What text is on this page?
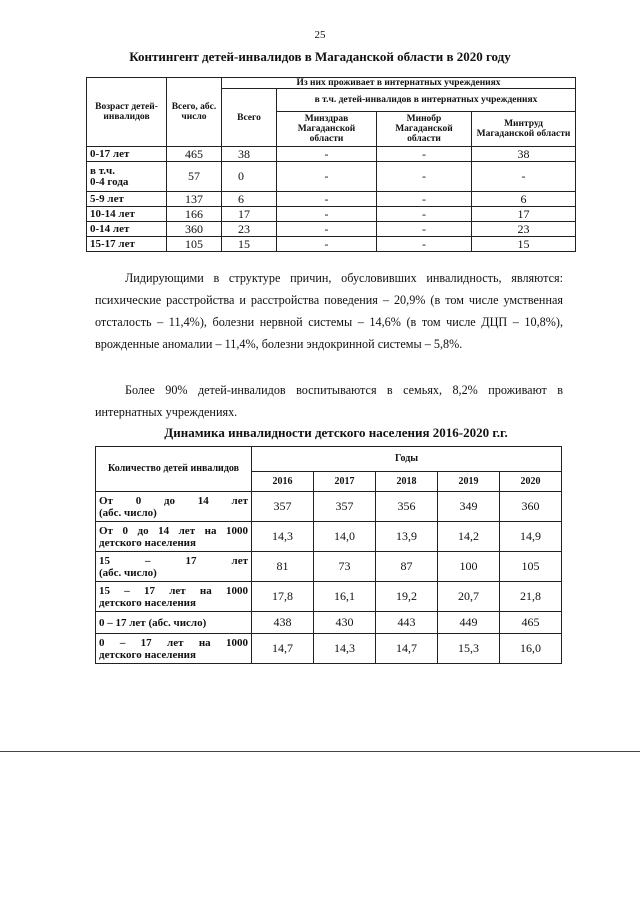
25
Контингент детей-инвалидов в Магаданской области в 2020 году
Возраст детей-инвалидов	Всего, абс. число	Из них проживает в интернатных учреждениях			
		Всего	в т.ч. детей-инвалидов в интернатных учреждениях		
			Минздрав Магаданской области	Минобр Магаданской области	Минтруд Магаданской области
0-17 лет	465	38	-	-	38

в т.ч.
0-4 года	57	0	-	-	-
5-9 лет	137	6	-	-	6
10-14 лет	166	17	-	-	17
0-14 лет	360	23	-	-	23
15-17 лет	105	15	-	-	15

Лидирующими в структуре причин, обусловивших инвалидность, являются: психические расстройства и расстройства поведения – 20,9% (в том числе умственная отсталость – 11,4%), болезни нервной системы – 14,6% (в том числе ДЦП – 10,8%), врожденные аномалии – 11,4%, болезни эндокринной системы – 5,8%.

Более 90% детей-инвалидов воспитываются в семьях, 8,2% проживают в интернатных учреждениях.

Динамика инвалидности детского населения 2016-2020 г.г.
Количество детей инвалидов	Годы				
	2016	2017	2018	2019	2020

От 0 до 14 лет
(абс. число)	357	357	356	349	360

От 0 до 14 лет на 1000
детского населения	14,3	14,0	13,9	14,2	14,9

15 – 17 лет
(абс. число)	81	73	87	100	105

15 – 17 лет на 1000
детского населения	17,8	16,1	19,2	20,7	21,8
0 – 17 лет (абс. число)	438	430	443	449	465

0 – 17 лет на 1000
детского населения	14,7	14,3	14,7	15,3	16,0
